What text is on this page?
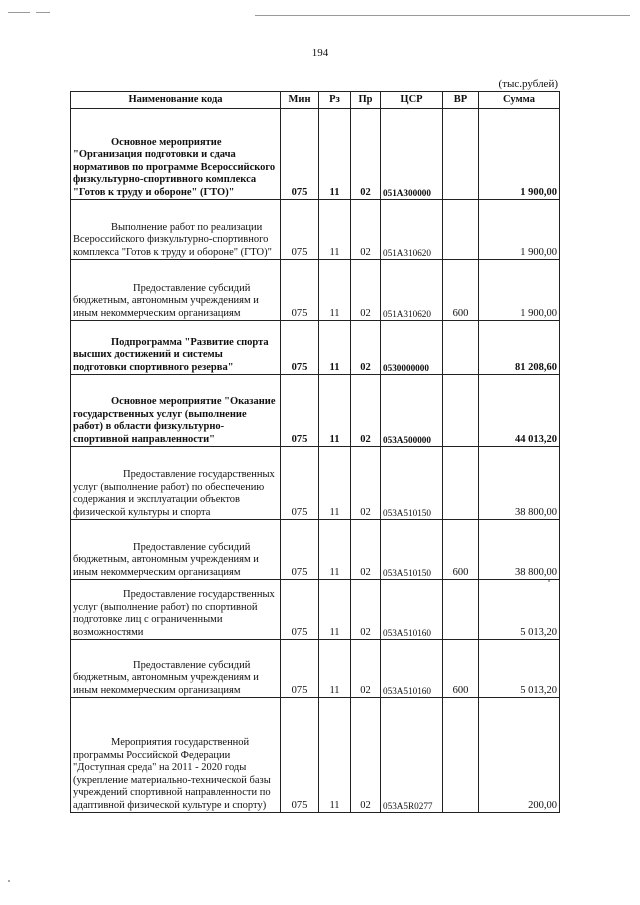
194
(тыс.рублей)
Наименование кода	Мин	Рз	Пр	ЦСР	ВР	Сумма
Основное мероприятие "Организация подготовки и сдача нормативов по программе Всероссийского физкультурно-спортивного комплекса "Готов к труду и обороне" (ГТО)"	075	11	02	051А300000		1 900,00
Выполнение работ по реализации Всероссийского физкультурно-спортивного комплекса "Готов к труду и обороне" (ГТО)"	075	11	02	051А310620		1 900,00
Предоставление субсидий бюджетным, автономным учреждениям и иным некоммерческим организациям	075	11	02	051А310620	600	1 900,00
Подпрограмма "Развитие спорта высших достижений и системы подготовки спортивного резерва"	075	11	02	0530000000		81 208,60
Основное мероприятие "Оказание государственных услуг (выполнение работ) в области физкультурно-спортивной направленности"	075	11	02	053А500000		44 013,20
Предоставление государственных услуг (выполнение работ) по обеспечению содержания и эксплуатации объектов физической культуры и спорта	075	11	02	053А510150		38 800,00
Предоставление субсидий бюджетным, автономным учреждениям и иным некоммерческим организациям	075	11	02	053А510150	600	38 800,00
Предоставление государственных услуг (выполнение работ) по спортивной подготовке лиц с ограниченными возможностями	075	11	02	053А510160		5 013,20
Предоставление субсидий бюджетным, автономным учреждениям и иным некоммерческим организациям	075	11	02	053А510160	600	5 013,20
Мероприятия государственной программы Российской Федерации "Доступная среда" на 2011 - 2020 годы (укрепление материально-технической базы учреждений спортивной направленности по адаптивной физической культуре и спорту)	075	11	02	053А5R0277		200,00
